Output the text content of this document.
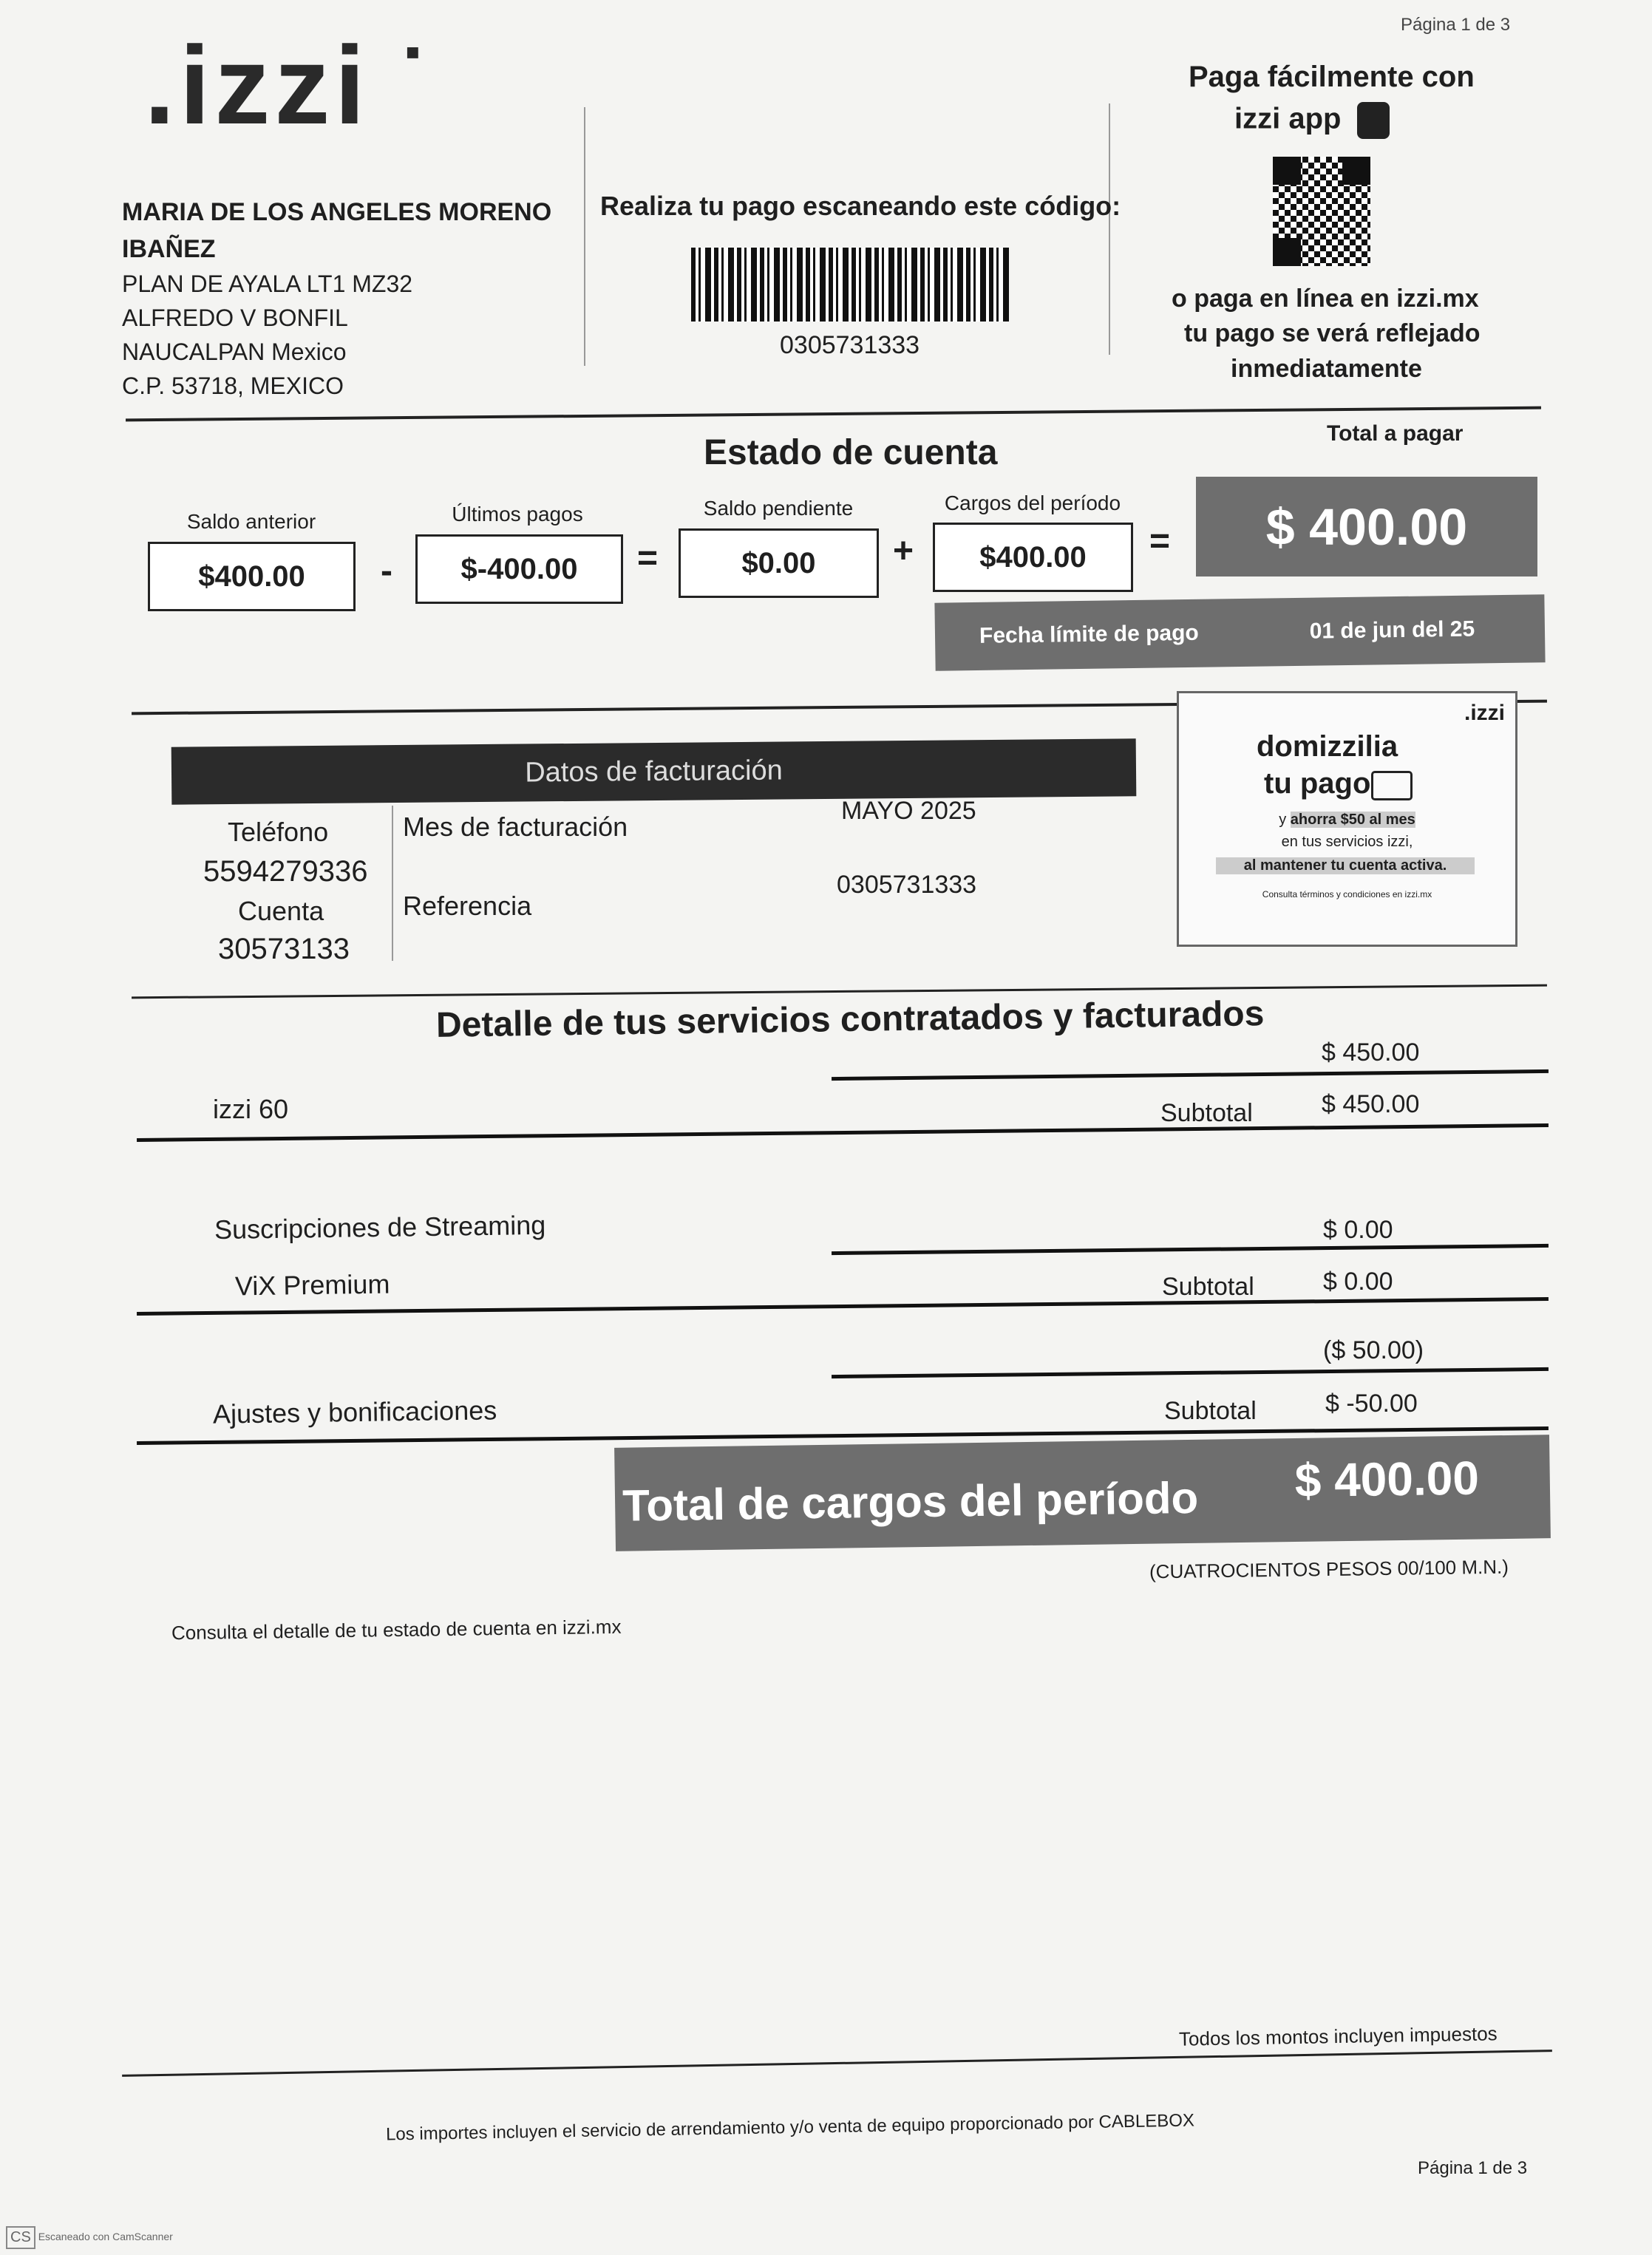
Página 1 de 3
.izzi ▪
MARIA DE LOS ANGELES MORENO
IBAÑEZ
PLAN DE AYALA LT1 MZ32
ALFREDO V BONFIL
NAUCALPAN Mexico
C.P. 53718, MEXICO
Realiza tu pago escaneando este código:
0305731333
Paga fácilmente con
izzi app
o paga en línea en izzi.mx
tu pago se verá reflejado
inmediatamente
Estado de cuenta	Total a pagar
Saldo anterior
$400.00	-
Últimos pagos
$-400.00	=
Saldo pendiente
$0.00	+
Cargos del período
$400.00	=	$ 400.00
Fecha límite de pago	01 de jun del 25
Datos de facturación
Teléfono
5594279336
Cuenta
30573133
Mes de facturación
MAYO 2025
Referencia
0305731333
.izzi
domizzilia
tu pago
y ahorra $50 al mes
en tus servicios izzi,
al mantener tu cuenta activa.
Consulta términos y condiciones en izzi.mx
Detalle de tus servicios contratados y facturados
$ 450.00
izzi 60	Subtotal	$ 450.00
Suscripciones de Streaming	$ 0.00
ViX Premium	Subtotal	$ 0.00
($ 50.00)
Ajustes y bonificaciones	Subtotal	$ -50.00
Total de cargos del período $ 400.00
(CUATROCIENTOS PESOS 00/100 M.N.)
Consulta el detalle de tu estado de cuenta en izzi.mx
Todos los montos incluyen impuestos
Los importes incluyen el servicio de arrendamiento y/o venta de equipo proporcionado por CABLEBOX
Página 1 de 3
CS Escaneado con CamScanner
